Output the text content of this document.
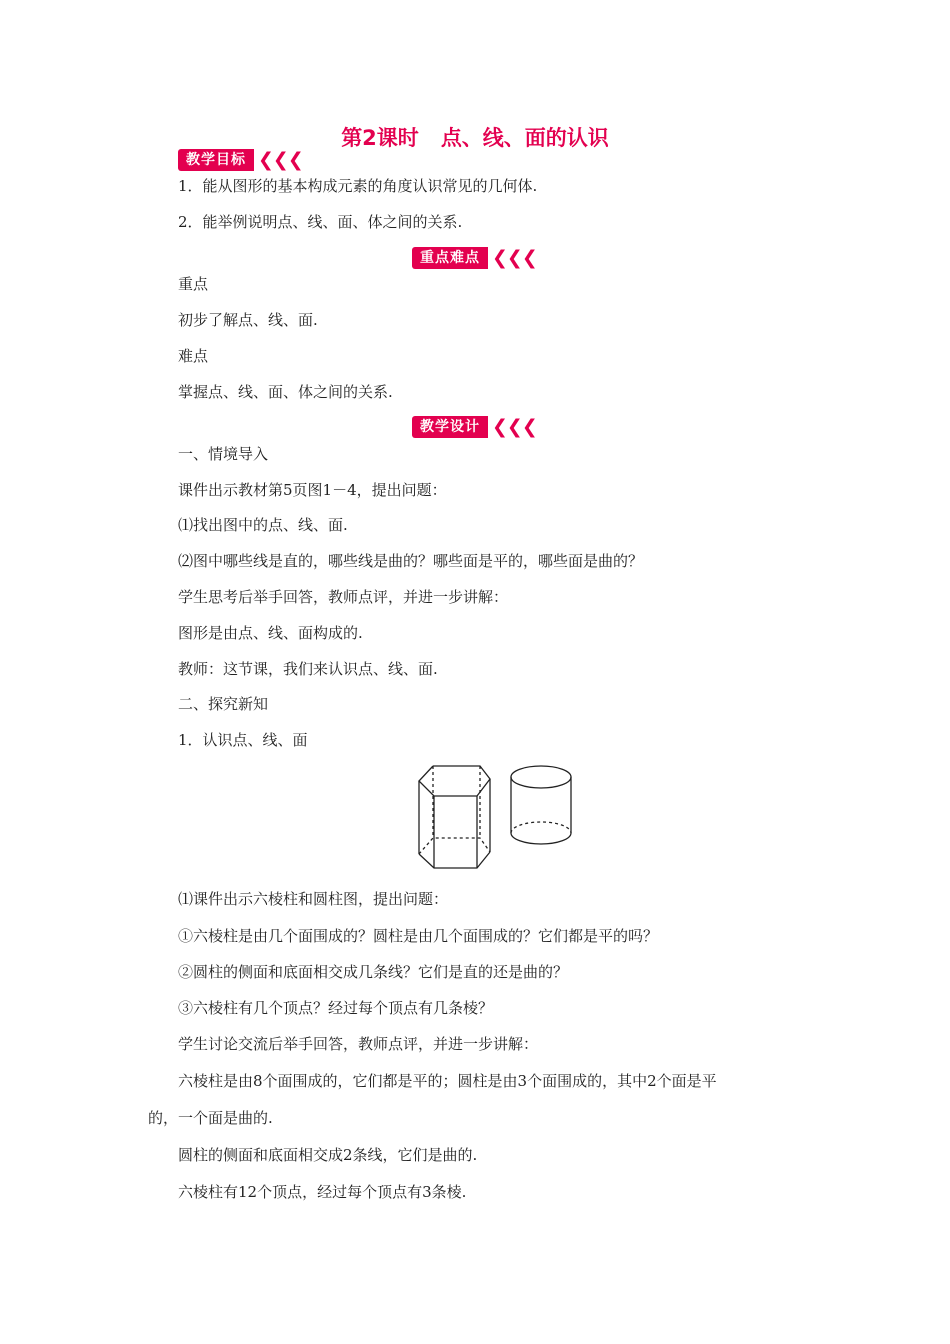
第2课时 点、线、面的认识
教学目标 ❮❮❮
1．能从图形的基本构成元素的角度认识常见的几何体.
2．能举例说明点、线、面、体之间的关系.
重点难点 ❮❮❮
重点
初步了解点、线、面.
难点
掌握点、线、面、体之间的关系.
教学设计 ❮❮❮
一、情境导入
课件出示教材第5页图1－4，提出问题：
⑴找出图中的点、线、面.
⑵图中哪些线是直的，哪些线是曲的？哪些面是平的，哪些面是曲的？
学生思考后举手回答，教师点评，并进一步讲解：
图形是由点、线、面构成的.
教师：这节课，我们来认识点、线、面.
二、探究新知
1．认识点、线、面
⑴课件出示六棱柱和圆柱图，提出问题：
①六棱柱是由几个面围成的？圆柱是由几个面围成的？它们都是平的吗？
②圆柱的侧面和底面相交成几条线？它们是直的还是曲的？
③六棱柱有几个顶点？经过每个顶点有几条棱？
学生讨论交流后举手回答，教师点评，并进一步讲解：
六棱柱是由8个面围成的，它们都是平的；圆柱是由3个面围成的，其中2个面是平
的，一个面是曲的.
圆柱的侧面和底面相交成2条线，它们是曲的.
六棱柱有12个顶点，经过每个顶点有3条棱.
